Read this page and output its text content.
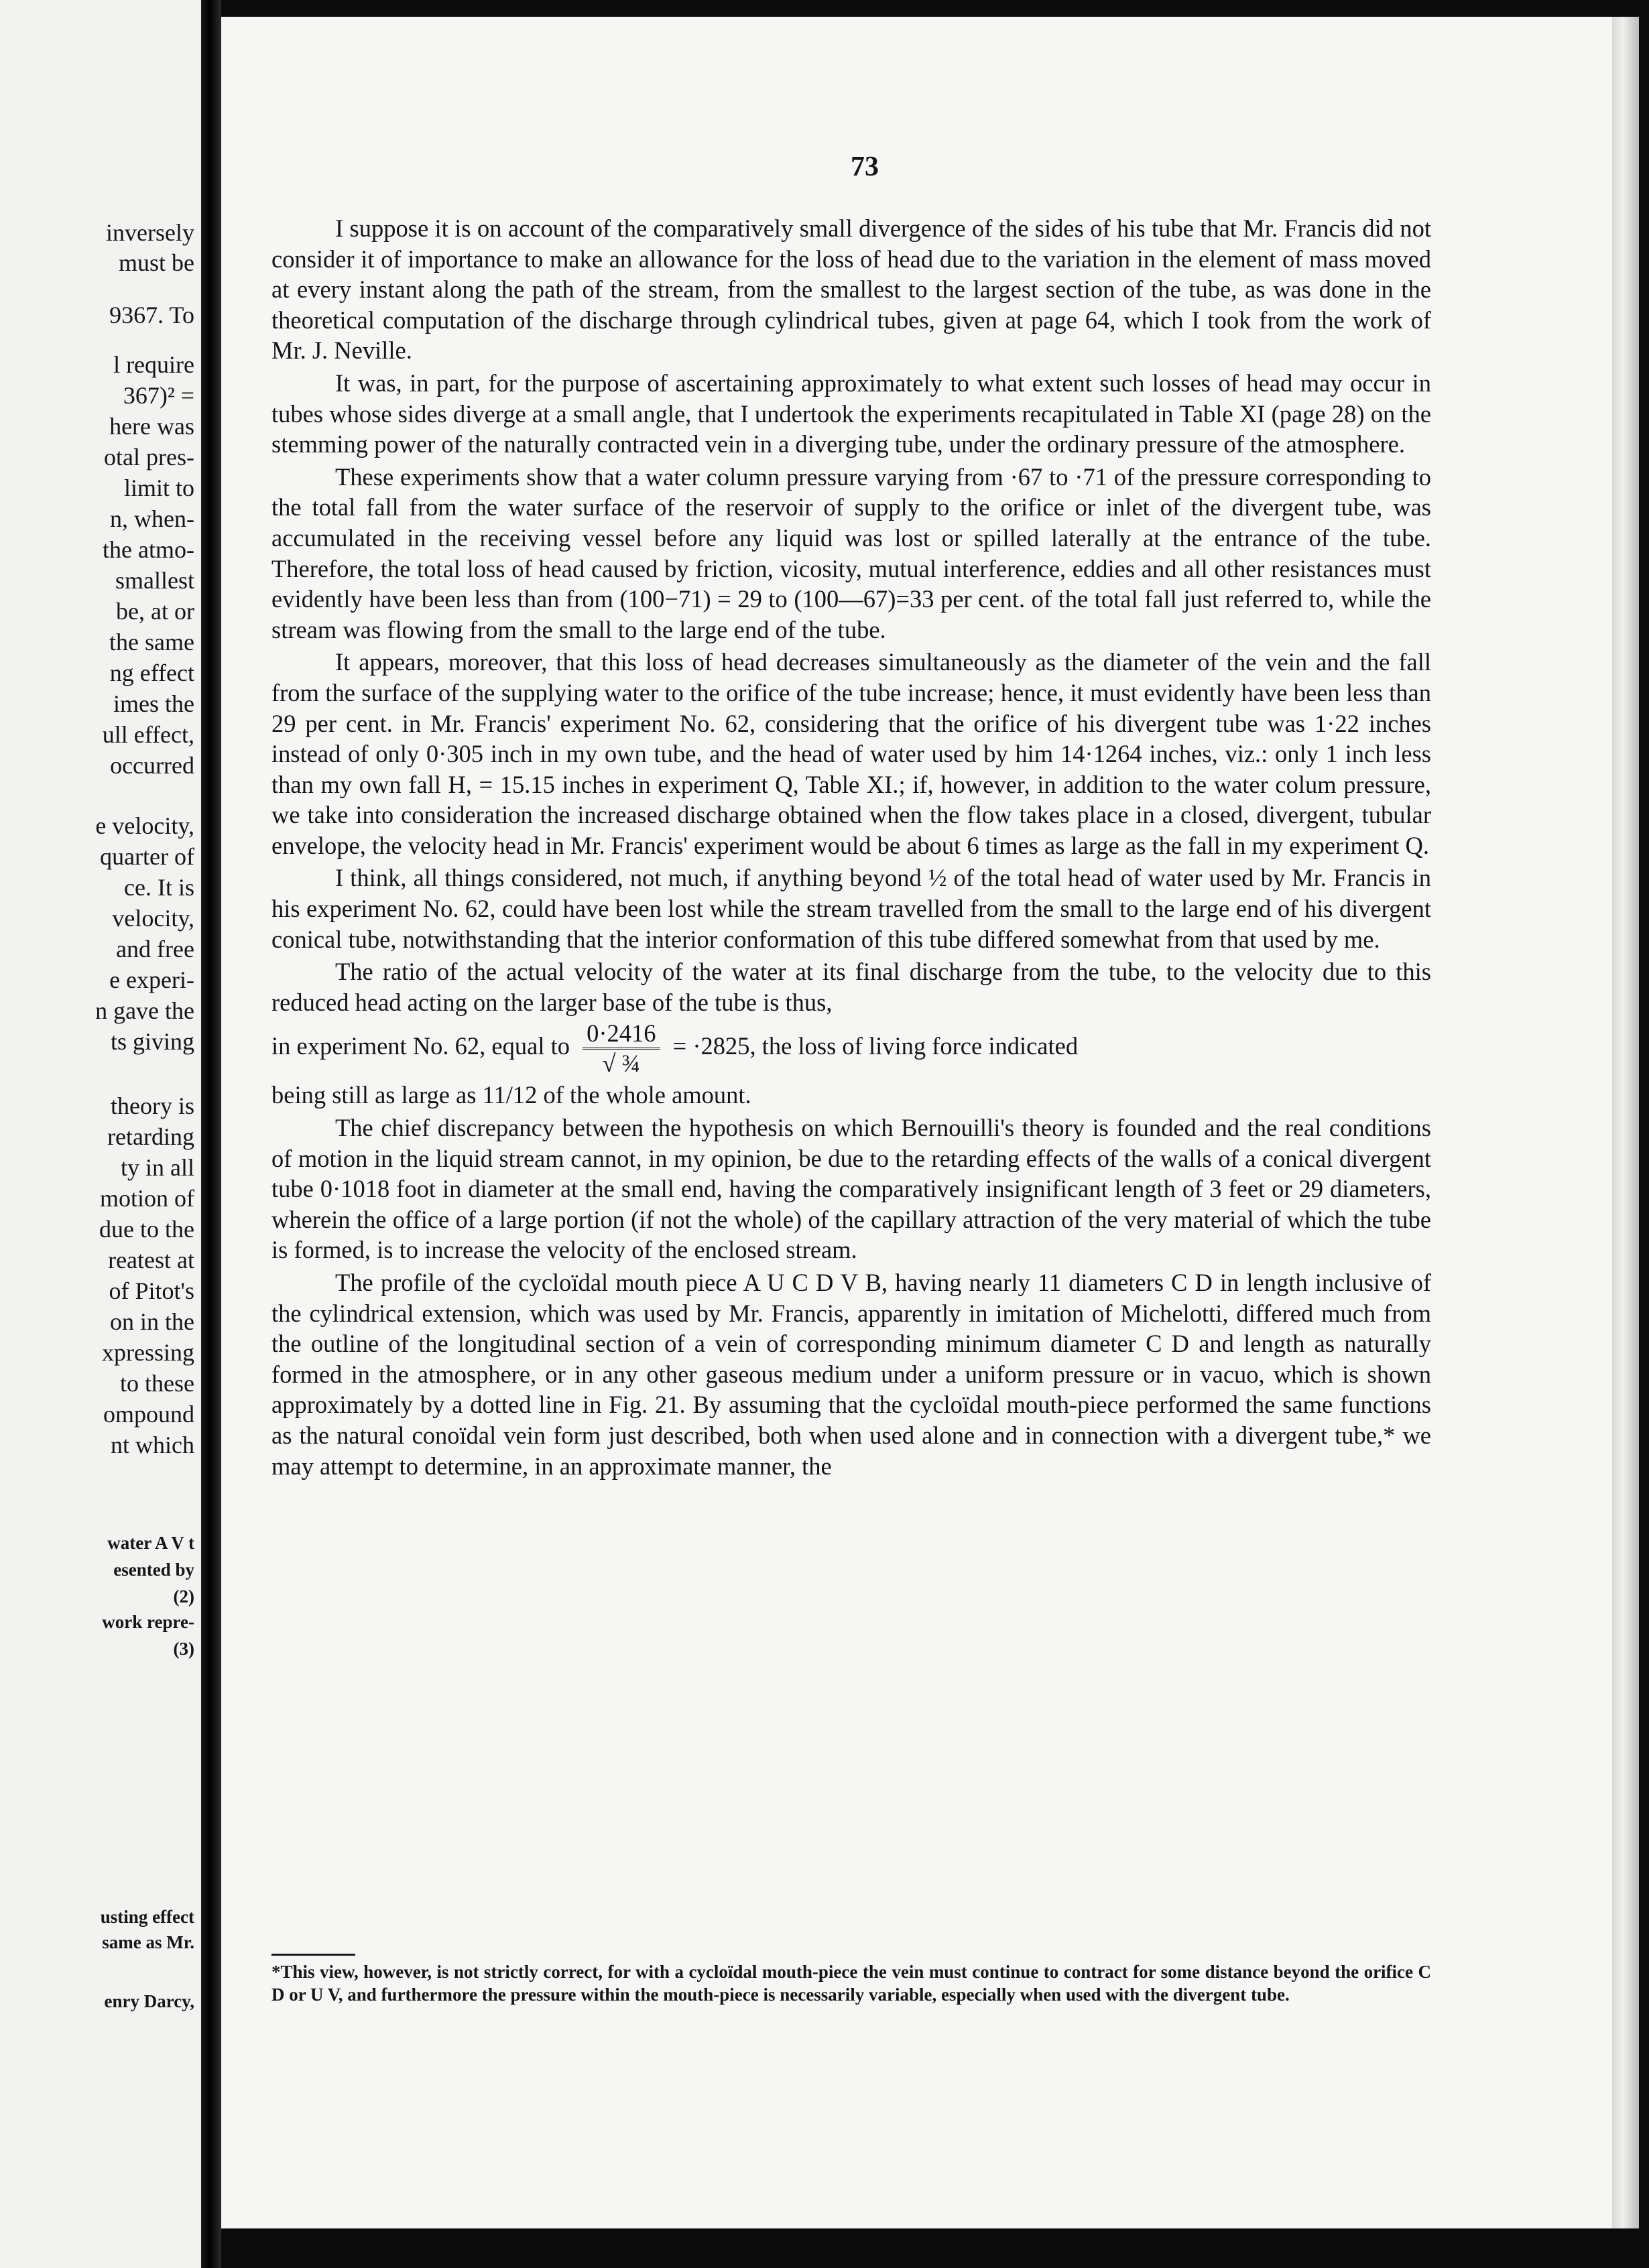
inversely
must be
9367. To
l require
367)² =
here was
otal pres-
limit to
n, when-
the atmo-
smallest
be, at or
the same
ng effect
imes the
ull effect,
occurred
e velocity,
quarter of
ce. It is
velocity,
and free
e experi-
n gave the
ts giving
theory is
retarding
ty in all
motion of
due to the
reatest at
of Pitot's
on in the
xpressing
to these
ompound
nt which
water A V t
esented by
(2)
work repre-
(3)
usting effect
same as Mr.
enry Darcy,
73

I suppose it is on account of the comparatively small divergence of the sides of his tube that Mr. Francis did not consider it of importance to make an allowance for the loss of head due to the variation in the element of mass moved at every instant along the path of the stream, from the smallest to the largest section of the tube, as was done in the theoretical computation of the discharge through cylindrical tubes, given at page 64, which I took from the work of Mr. J. Neville.

It was, in part, for the purpose of ascertaining approximately to what extent such losses of head may occur in tubes whose sides diverge at a small angle, that I undertook the experiments recapitulated in Table XI (page 28) on the stemming power of the naturally contracted vein in a diverging tube, under the ordinary pressure of the atmosphere.

These experiments show that a water column pressure varying from ·67 to ·71 of the pressure corresponding to the total fall from the water surface of the reservoir of supply to the orifice or inlet of the divergent tube, was accumulated in the receiving vessel before any liquid was lost or spilled laterally at the entrance of the tube. Therefore, the total loss of head caused by friction, vicosity, mutual interference, eddies and all other resistances must evidently have been less than from (100−71) = 29 to (100—67)=33 per cent. of the total fall just referred to, while the stream was flowing from the small to the large end of the tube.

It appears, moreover, that this loss of head decreases simultaneously as the diameter of the vein and the fall from the surface of the supplying water to the orifice of the tube increase; hence, it must evidently have been less than 29 per cent. in Mr. Francis' experiment No. 62, considering that the orifice of his divergent tube was 1·22 inches instead of only 0·305 inch in my own tube, and the head of water used by him 14·1264 inches, viz.: only 1 inch less than my own fall H, = 15.15 inches in experiment Q, Table XI.; if, however, in addition to the water colum pressure, we take into consideration the increased discharge obtained when the flow takes place in a closed, divergent, tubular envelope, the velocity head in Mr. Francis' experiment would be about 6 times as large as the fall in my experiment Q.

I think, all things considered, not much, if anything beyond ½ of the total head of water used by Mr. Francis in his experiment No. 62, could have been lost while the stream travelled from the small to the large end of his divergent conical tube, notwithstanding that the interior conformation of this tube differed somewhat from that used by me.

The ratio of the actual velocity of the water at its final discharge from the tube, to the velocity due to this reduced head acting on the larger base of the tube is thus,

in experiment No. 62, equal to $\frac{0\cdot 2416}{\text{√ ¾}} = \cdot 2825$, the loss of living force indicated

being still as large as 11/12 of the whole amount.

The chief discrepancy between the hypothesis on which Bernouilli's theory is founded and the real conditions of motion in the liquid stream cannot, in my opinion, be due to the retarding effects of the walls of a conical divergent tube 0·1018 foot in diameter at the small end, having the comparatively insignificant length of 3 feet or 29 diameters, wherein the office of a large portion (if not the whole) of the capillary attraction of the very material of which the tube is formed, is to increase the velocity of the enclosed stream.

The profile of the cycloïdal mouth piece A U C D V B, having nearly 11 diameters C D in length inclusive of the cylindrical extension, which was used by Mr. Francis, apparently in imitation of Michelotti, differed much from the outline of the longitudinal section of a vein of corresponding minimum diameter C D and length as naturally formed in the atmosphere, or in any other gaseous medium under a uniform pressure or in vacuo, which is shown approximately by a dotted line in Fig. 21. By assuming that the cycloïdal mouth-piece performed the same functions as the natural conoïdal vein form just described, both when used alone and in connection with a divergent tube,* we may attempt to determine, in an approximate manner, the

*This view, however, is not strictly correct, for with a cycloïdal mouth-piece the vein must continue to contract for some distance beyond the orifice C D or U V, and furthermore the pressure within the mouth-piece is necessarily variable, especially when used with the divergent tube.
